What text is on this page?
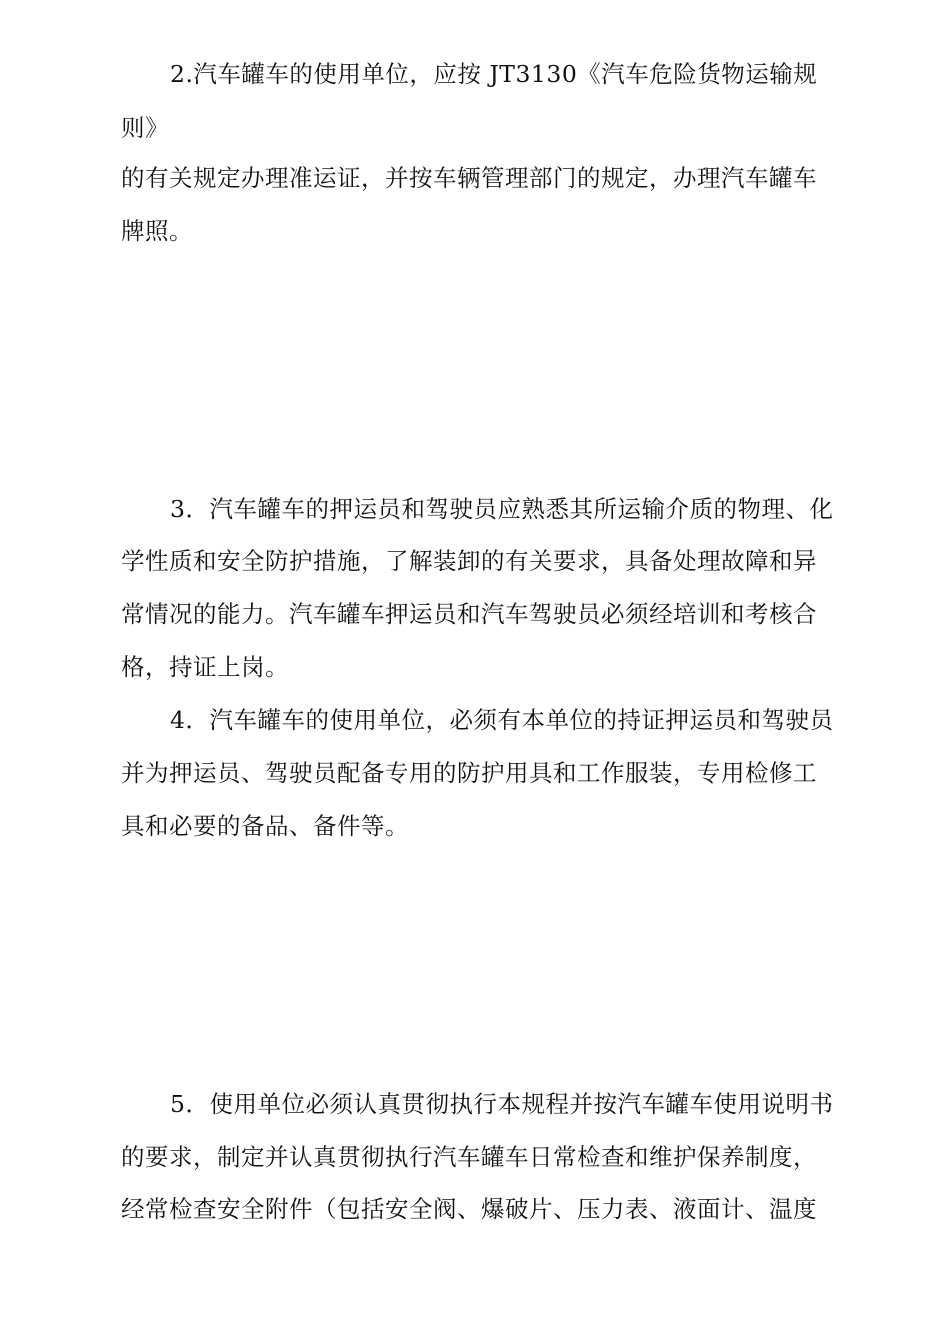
2.汽车罐车的使用单位，应按 JT3130《汽车危险货物运输规
则》
的有关规定办理准运证，并按车辆管理部门的规定，办理汽车罐车
牌照。
3．汽车罐车的押运员和驾驶员应熟悉其所运输介质的物理、化
学性质和安全防护措施，了解装卸的有关要求，具备处理故障和异
常情况的能力。汽车罐车押运员和汽车驾驶员必须经培训和考核合
格，持证上岗。
4．汽车罐车的使用单位，必须有本单位的持证押运员和驾驶员
并为押运员、驾驶员配备专用的防护用具和工作服装，专用检修工
具和必要的备品、备件等。
5．使用单位必须认真贯彻执行本规程并按汽车罐车使用说明书
的要求，制定并认真贯彻执行汽车罐车日常检查和维护保养制度，
经常检查安全附件（包括安全阀、爆破片、压力表、液面计、温度
